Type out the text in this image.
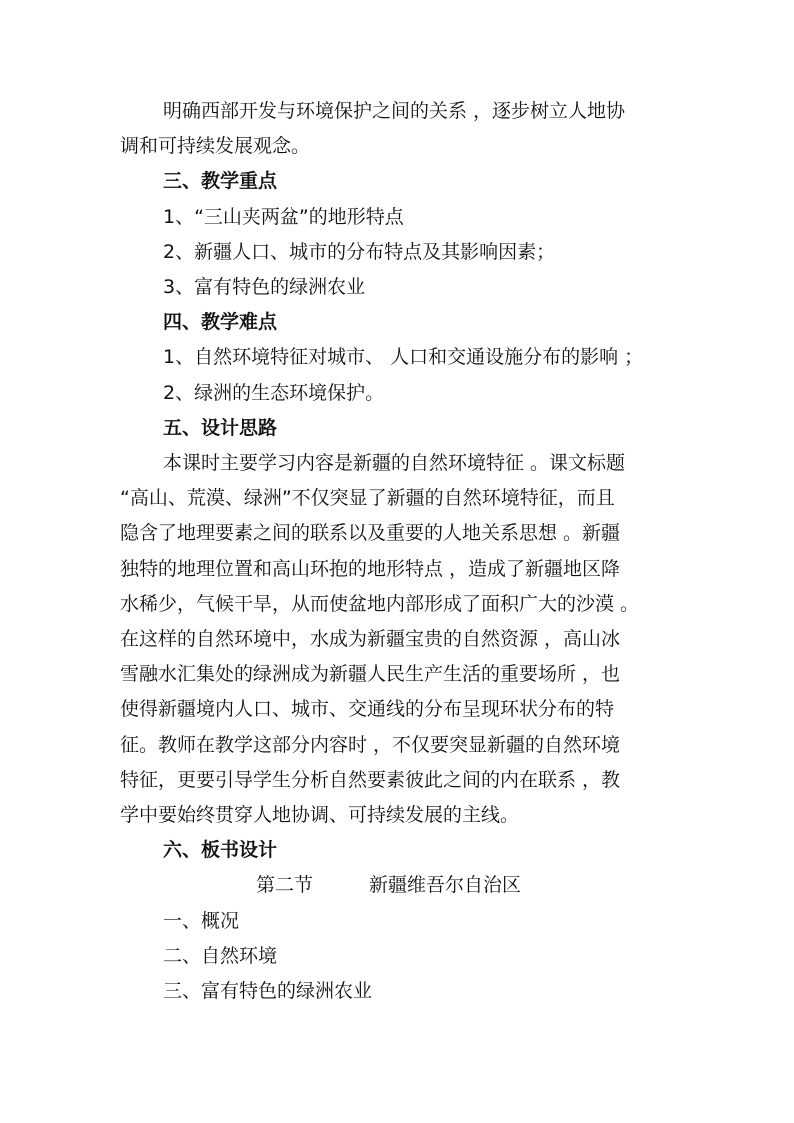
明确西部开发与环境保护之间的关系 ，逐步树立人地协

调和可持续发展观念。

三、教学重点

1、“三山夹两盆”的地形特点

2、新疆人口、城市的分布特点及其影响因素；

3、富有特色的绿洲农业

四、教学难点

1、自然环境特征对城市、 人口和交通设施分布的影响 ；

2、绿洲的生态环境保护。

五、设计思路

本课时主要学习内容是新疆的自然环境特征 。课文标题

“高山、荒漠、绿洲”不仅突显了新疆的自然环境特征，而且

隐含了地理要素之间的联系以及重要的人地关系思想 。新疆

独特的地理位置和高山环抱的地形特点 ，造成了新疆地区降

水稀少，气候干旱，从而使盆地内部形成了面积广大的沙漠 。

在这样的自然环境中，水成为新疆宝贵的自然资源 ，高山冰

雪融水汇集处的绿洲成为新疆人民生产生活的重要场所 ，也

使得新疆境内人口、城市、交通线的分布呈现环状分布的特

征。教师在教学这部分内容时 ，不仅要突显新疆的自然环境

特征，更要引导学生分析自然要素彼此之间的内在联系 ，教

学中要始终贯穿人地协调、可持续发展的主线。

六、板书设计

第二节	新疆维吾尔自治区

一、概况

二、自然环境

三、富有特色的绿洲农业
